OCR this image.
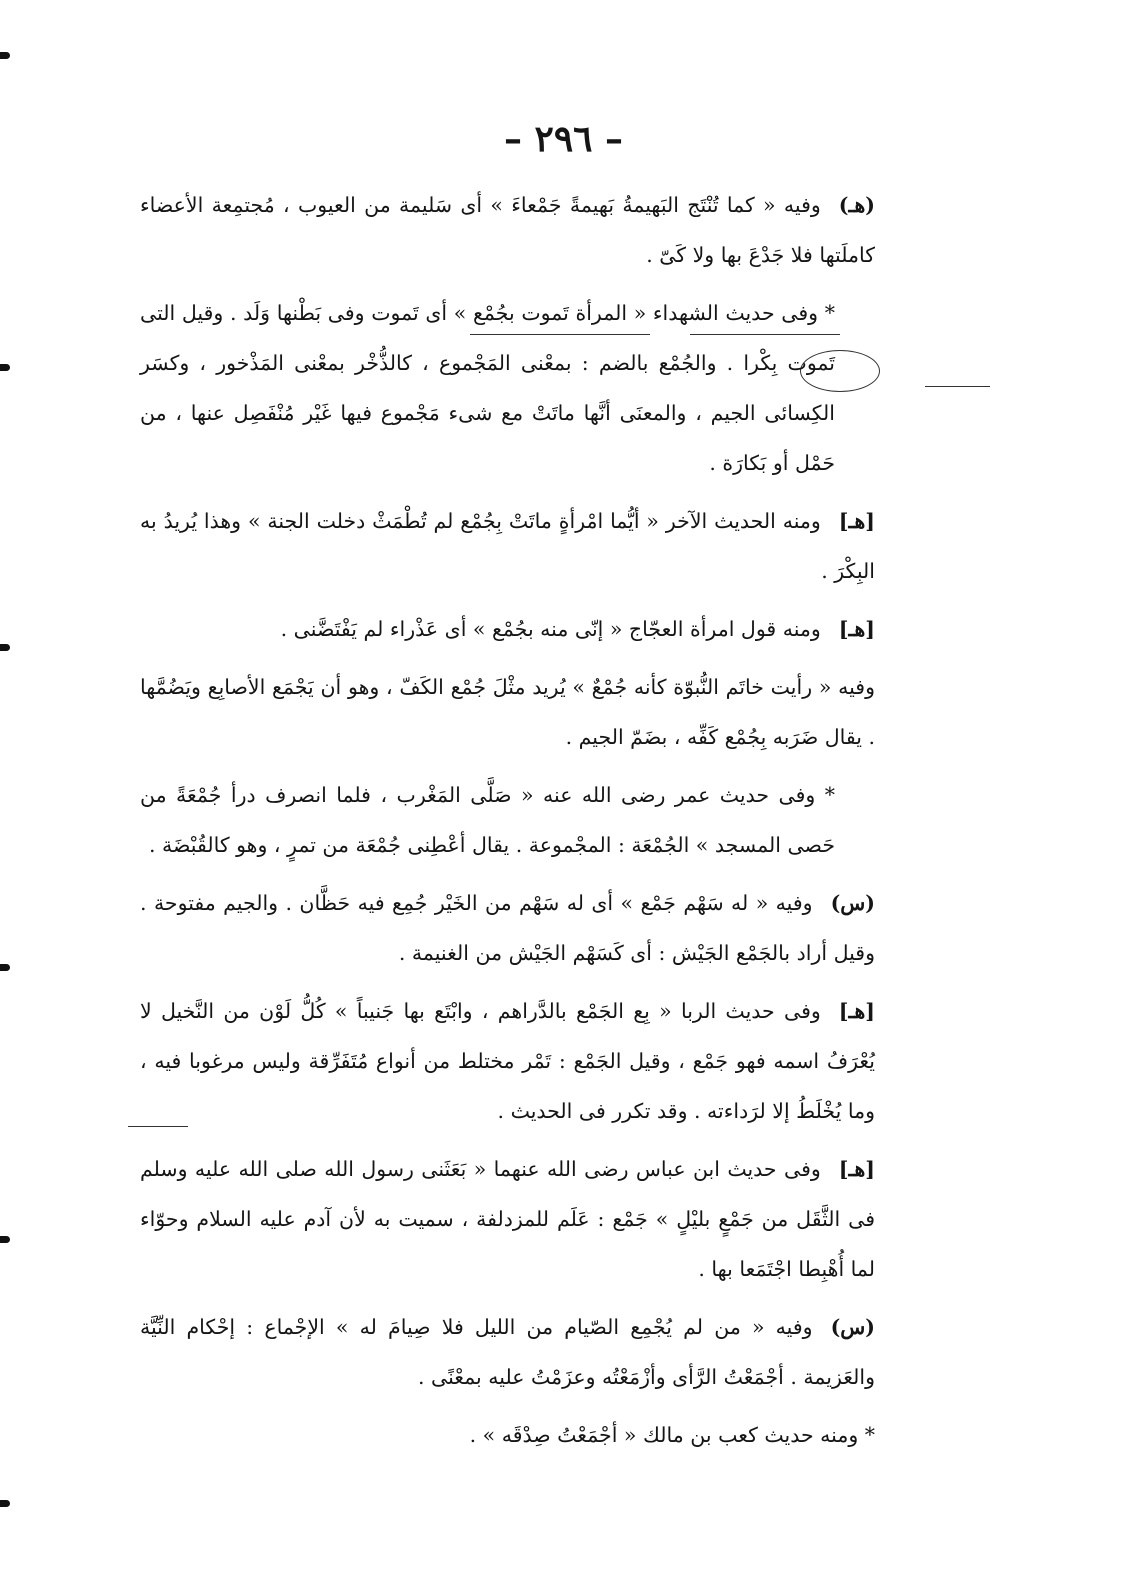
– ٢٩٦ –

(هـ)وفيه « كما تُنْتَج البَهيمةُ بَهيمةً جَمْعاءَ » أى سَليمة من العيوب ، مُجتمِعة الأعضاء كاملَتها فلا جَدْعَ بها ولا كَىّ .

* وفى حديث الشهداء « المرأة تَموت بجُمْع » أى تَموت وفى بَطْنها وَلَد . وقيل التى تَموت بِكْرا . والجُمْع بالضم : بمعْنى المَجْموع ، كالذُّخْر بمعْنى المَذْخور ، وكسَر الكِسائى الجيم ، والمعنَى أنَّها ماتَتْ مع شىء مَجْموع فيها غَيْر مُنْفَصِل عنها ، من حَمْل أو بَكارَة .

[هـ]ومنه الحديث الآخر « أيُّما امْرأةٍ ماتَتْ بِجُمْع لم تُطْمَثْ دخلت الجنة » وهذا يُريدُ به البِكْرَ .

[هـ]ومنه قول امرأة العجّاج « إنّى منه بجُمْع » أى عَذْراء لم يَفْتَضَّنى .

وفيه « رأيت خاتَم النُّبوّة كأنه جُمْعٌ » يُريد مثْلَ جُمْع الكَفّ ، وهو أن يَجْمَع الأصابِع ويَضُمَّها . يقال ضَرَبه بِجُمْع كَفِّه ، بضَمّ الجيم .

* وفى حديث عمر رضى الله عنه « صَلَّى المَغْرب ، فلما انصرف درأ جُمْعَةً من حَصى المسجد » الجُمْعَة : المجْموعة . يقال أعْطِنى جُمْعَة من تمرٍ ، وهو كالقُبْضَة .

(س)وفيه « له سَهْم جَمْع » أى له سَهْم من الخَيْر جُمِع فيه حَظَّان . والجيم مفتوحة . وقيل أراد بالجَمْع الجَيْش : أى كَسَهْم الجَيْش من الغنيمة .

[هـ]وفى حديث الربا « بِع الجَمْع بالدَّراهم ، وابْتَع بها جَنيباً » كُلُّ لَوْن من النَّخيل لا يُعْرَفُ اسمه فهو جَمْع ، وقيل الجَمْع : تَمْر مختلط من أنواع مُتَفَرِّقة وليس مرغوبا فيه ، وما يُخْلَطُ إلا لرَداءته . وقد تكرر فى الحديث .

[هـ]وفى حديث ابن عباس رضى الله عنهما « بَعَثَنى رسول الله صلى الله عليه وسلم فى الثَّقَل من جَمْعٍ بليْلٍ » جَمْع : عَلَم للمزدلفة ، سميت به لأن آدم عليه السلام وحوّاء لما أُهْبِطا اجْتَمَعا بها .

(س)وفيه « من لم يُجْمِع الصّيام من الليل فلا صِيامَ له » الإجْماع : إحْكام النِّيَّة والعَزيمة . أجْمَعْتُ الرَّأى وأزْمَعْتُه وعزَمْتُ عليه بمعْنًى .

* ومنه حديث كعب بن مالك « أجْمَعْتُ صِدْقَه » .
